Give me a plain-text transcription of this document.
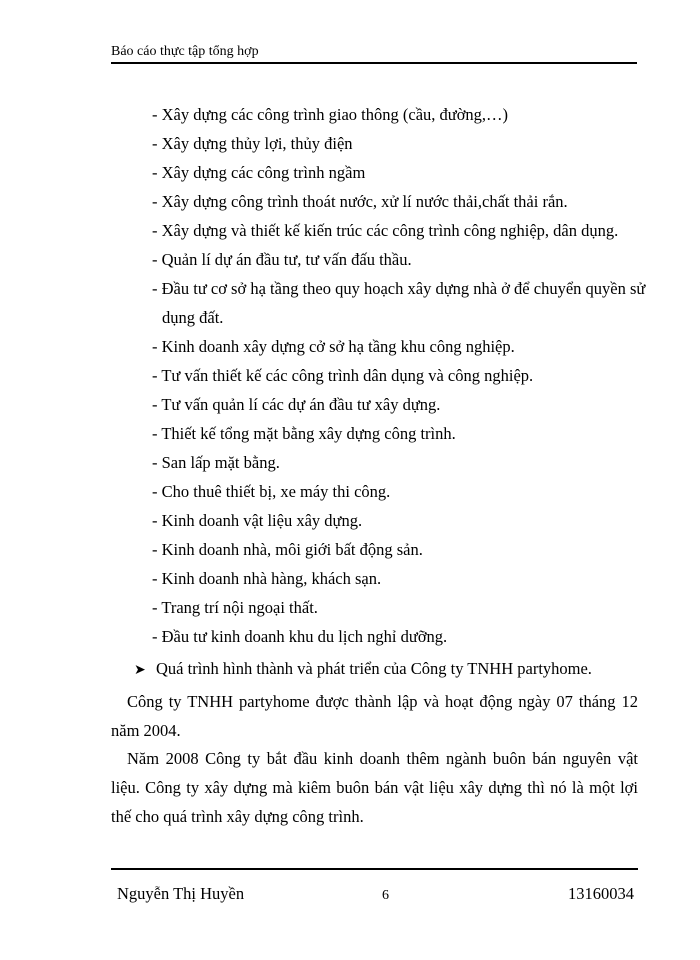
Báo cáo thực tập tổng hợp
- Xây dựng các công trình giao thông (cầu, đường,…)
- Xây dựng thủy lợi, thủy điện
- Xây dựng các công trình ngầm
- Xây dựng công trình thoát nước, xử lí nước thải,chất thải rắn.
- Xây dựng và thiết kế kiến trúc các công trình công nghiệp, dân dụng.
- Quản lí dự án đầu tư, tư vấn đấu thầu.
- Đầu tư cơ sở hạ tầng theo quy hoạch xây dựng nhà ở để chuyển quyền sử
dụng đất.
- Kinh doanh xây dựng cở sở hạ tầng khu công nghiệp.
- Tư vấn thiết kế các công trình dân dụng và công nghiệp.
- Tư vấn quản lí các dự án đầu tư xây dựng.
- Thiết kế tổng mặt bằng xây dựng công trình.
- San lấp mặt bằng.
- Cho thuê thiết bị, xe máy thi công.
- Kinh doanh vật liệu xây dựng.
- Kinh doanh nhà, môi giới bất động sản.
- Kinh doanh nhà hàng, khách sạn.
- Trang trí nội ngoại thất.
- Đầu tư kinh doanh khu du lịch nghỉ dưỡng.
➤ Quá trình hình thành và phát triển của Công ty TNHH partyhome.

Công ty TNHH partyhome được thành lập và hoạt động ngày 07 tháng 12 năm 2004.

Năm 2008 Công ty bắt đầu kinh doanh thêm ngành buôn bán nguyên vật liệu. Công ty xây dựng mà kiêm buôn bán vật liệu xây dựng thì nó là một lợi thế cho quá trình xây dựng công trình.

Nguyễn Thị Huyền	6	13160034
